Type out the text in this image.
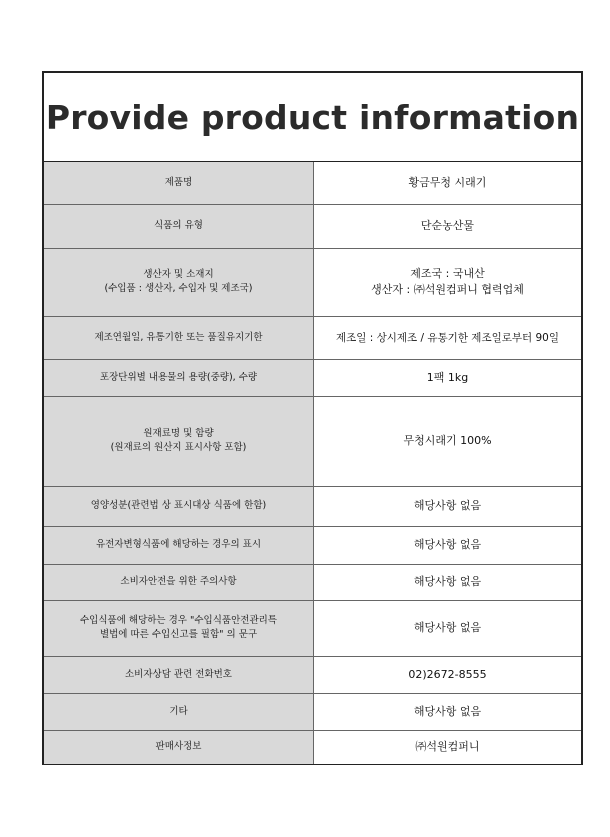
Provide product information
제품명	황금무청 시래기
식품의 유형	단순농산물
생산자 및 소재지
(수입품 : 생산자, 수입자 및 제조국)	제조국 : 국내산
생산자 : ㈜석원컴퍼니 협력업체
제조연월일, 유통기한 또는 품질유지기한	제조일 : 상시제조 / 유통기한 제조일로부터 90일
포장단위별 내용물의 용량(중량), 수량	1팩 1kg
원재료명 및 함량
(원재료의 원산지 표시사항 포함)	무청시래기 100%
영양성분(관련법 상 표시대상 식품에 한함)	해당사항 없음
유전자변형식품에 해당하는 경우의 표시	해당사항 없음
소비자안전을 위한 주의사항	해당사항 없음
수입식품에 해당하는 경우 "수입식품안전관리특
별법에 따른 수입신고를 필함" 의 문구	해당사항 없음
소비자상담 관련 전화번호	02)2672-8555
기타	해당사항 없음
판매사정보	㈜석원컴퍼니
